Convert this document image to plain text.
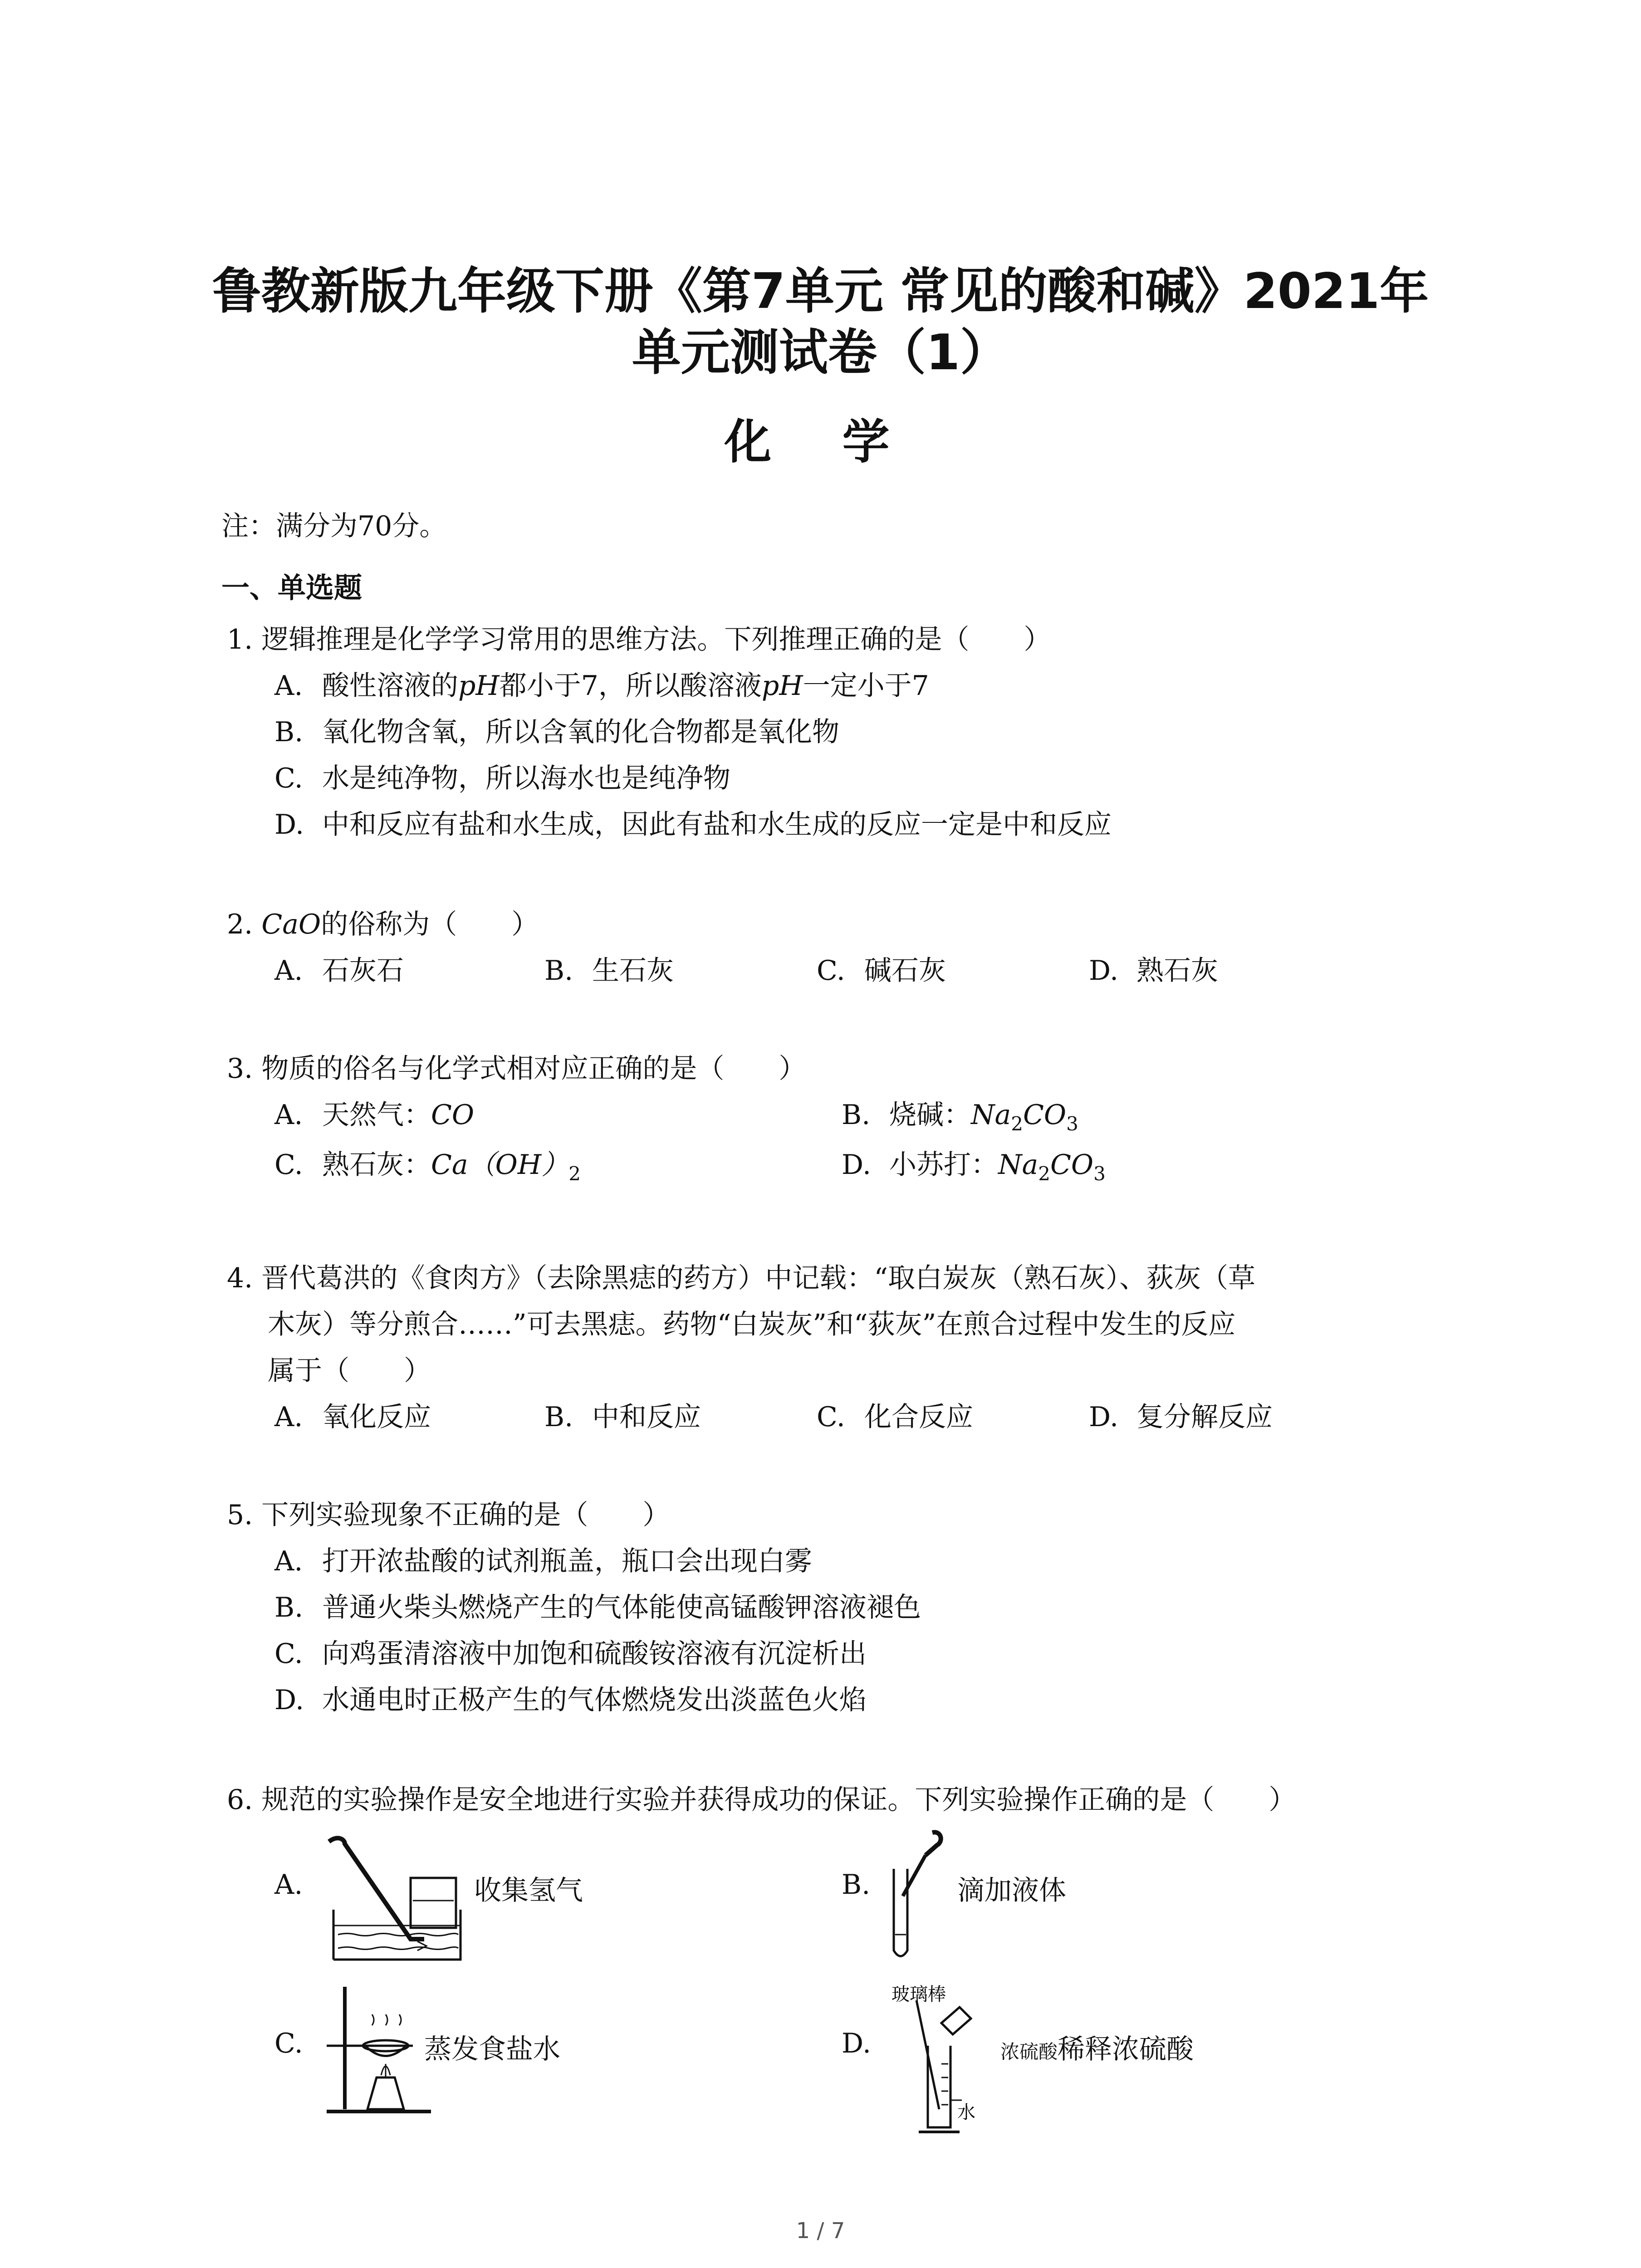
鲁教新版九年级下册《第7单元 常见的酸和碱》2021年
单元测试卷（1）
化 学
注：满分为70分。
一、单选题
1. 逻辑推理是化学学习常用的思维方法。下列推理正确的是（　　）
A. 酸性溶液的pH都小于7，所以酸溶液pH一定小于7
B. 氧化物含氧，所以含氧的化合物都是氧化物
C. 水是纯净物，所以海水也是纯净物
D. 中和反应有盐和水生成，因此有盐和水生成的反应一定是中和反应
2. CaO的俗称为（　　）
A. 石灰石	B. 生石灰	C. 碱石灰	D. 熟石灰
3. 物质的俗名与化学式相对应正确的是（　　）
A. 天然气：CO	B. 烧碱：$Na_2CO_3$
C. 熟石灰：$Ca(OH)_2$	D. 小苏打：$Na_2CO_3$
4. 晋代葛洪的《食肉方》（去除黑痣的药方）中记载：“取白炭灰（熟石灰）、荻灰（草
木灰）等分煎合……”可去黑痣。药物“白炭灰”和“荻灰”在煎合过程中发生的反应
属于（　　）
A. 氧化反应	B. 中和反应	C. 化合反应	D. 复分解反应
5. 下列实验现象不正确的是（　　）
A. 打开浓盐酸的试剂瓶盖，瓶口会出现白雾
B. 普通火柴头燃烧产生的气体能使高锰酸钾溶液褪色
C. 向鸡蛋清溶液中加饱和硫酸铵溶液有沉淀析出
D. 水通电时正极产生的气体燃烧发出淡蓝色火焰
6. 规范的实验操作是安全地进行实验并获得成功的保证。下列实验操作正确的是（　　）
A.	收集氢气	B.	滴加液体
C.	蒸发食盐水	D.
玻璃棒
水
浓硫酸稀释浓硫酸
1 / 7
